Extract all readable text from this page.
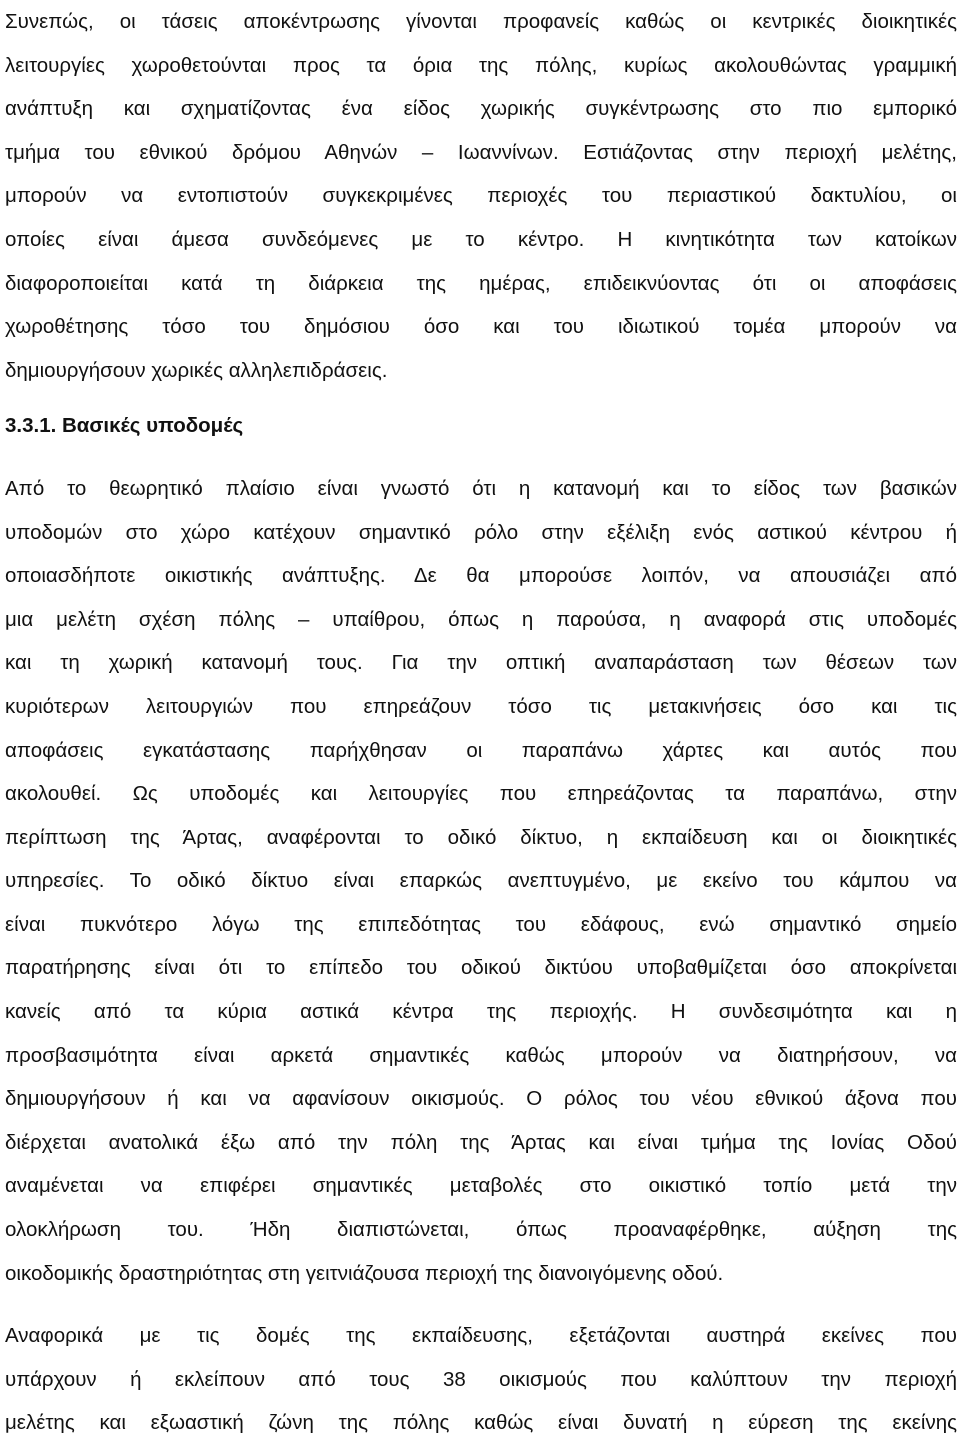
Συνεπώς, οι τάσεις αποκέντρωσης γίνονται προφανείς καθώς οι κεντρικές διοικητικές
λειτουργίες χωροθετούνται προς τα όρια της πόλης, κυρίως ακολουθώντας γραμμική
ανάπτυξη και σχηματίζοντας ένα είδος χωρικής συγκέντρωσης στο πιο εμπορικό
τμήμα του εθνικού δρόμου Αθηνών – Ιωαννίνων. Εστιάζοντας στην περιοχή μελέτης,
μπορούν να εντοπιστούν συγκεκριμένες περιοχές του περιαστικού δακτυλίου, οι
οποίες είναι άμεσα συνδεόμενες με το κέντρο. Η κινητικότητα των κατοίκων
διαφοροποιείται κατά τη διάρκεια της ημέρας, επιδεικνύοντας ότι οι αποφάσεις
χωροθέτησης τόσο του δημόσιου όσο και του ιδιωτικού τομέα μπορούν να
δημιουργήσουν χωρικές αλληλεπιδράσεις.
3.3.1. Βασικές υποδομές
Από το θεωρητικό πλαίσιο είναι γνωστό ότι η κατανομή και το είδος των βασικών
υποδομών στο χώρο κατέχουν σημαντικό ρόλο στην εξέλιξη ενός αστικού κέντρου ή
οποιασδήποτε οικιστικής ανάπτυξης. Δε θα μπορούσε λοιπόν, να απουσιάζει από
μια μελέτη σχέση πόλης – υπαίθρου, όπως η παρούσα, η αναφορά στις υποδομές
και τη χωρική κατανομή τους. Για την οπτική αναπαράσταση των θέσεων των
κυριότερων λειτουργιών που επηρεάζουν τόσο τις μετακινήσεις όσο και τις
αποφάσεις εγκατάστασης παρήχθησαν οι παραπάνω χάρτες και αυτός που
ακολουθεί. Ως υποδομές και λειτουργίες που επηρεάζοντας τα παραπάνω, στην
περίπτωση της Άρτας, αναφέρονται το οδικό δίκτυο, η εκπαίδευση και οι διοικητικές
υπηρεσίες. Το οδικό δίκτυο είναι επαρκώς ανεπτυγμένο, με εκείνο του κάμπου να
είναι πυκνότερο λόγω της επιπεδότητας του εδάφους, ενώ σημαντικό σημείο
παρατήρησης είναι ότι το επίπεδο του οδικού δικτύου υποβαθμίζεται όσο αποκρίνεται
κανείς από τα κύρια αστικά κέντρα της περιοχής. Η συνδεσιμότητα και η
προσβασιμότητα είναι αρκετά σημαντικές καθώς μπορούν να διατηρήσουν, να
δημιουργήσουν ή και να αφανίσουν οικισμούς. Ο ρόλος του νέου εθνικού άξονα που
διέρχεται ανατολικά έξω από την πόλη της Άρτας και είναι τμήμα της Ιονίας Οδού
αναμένεται να επιφέρει σημαντικές μεταβολές στο οικιστικό τοπίο μετά την
ολοκλήρωση του. Ήδη διαπιστώνεται, όπως προαναφέρθηκε, αύξηση της
οικοδομικής δραστηριότητας στη γειτνιάζουσα περιοχή της διανοιγόμενης οδού.
Αναφορικά με τις δομές της εκπαίδευσης, εξετάζονται αυστηρά εκείνες που
υπάρχουν ή εκλείπουν από τους 38 οικισμούς που καλύπτουν την περιοχή
μελέτης και εξωαστική ζώνη της πόλης καθώς είναι δυνατή η εύρεση της εκείνης
